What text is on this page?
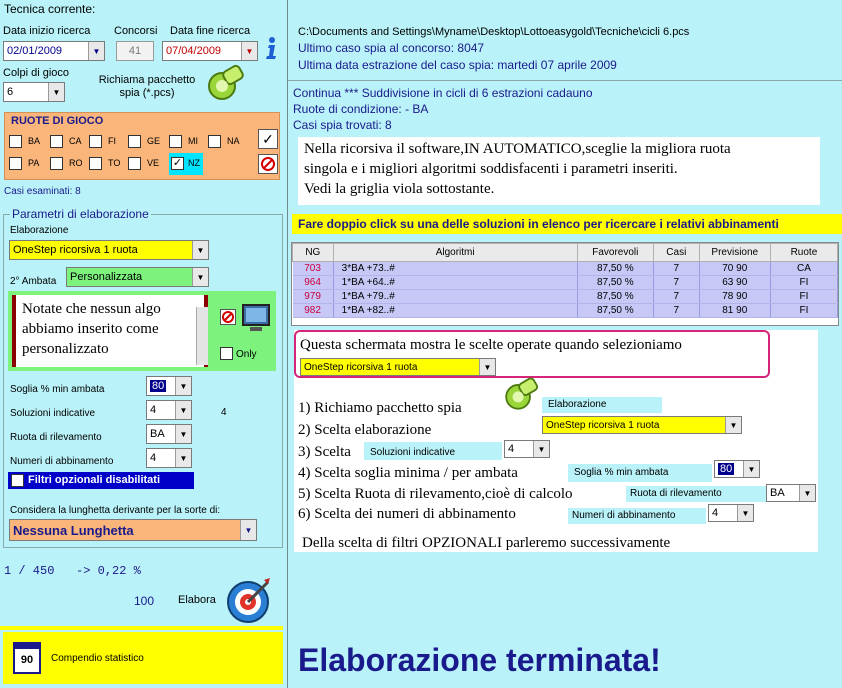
Tecnica corrente:
Data inizio ricerca
02/01/2009	▼
Concorsi
41
Data fine ricerca
07/04/2009	▼
Colpi di gioco
6	▼
Richiama pacchetto spia (*.pcs)
RUOTE DI GIOCO
BA	CA	FI	GE	MI	NA ✓
PA	RO	TO	VE ✓ NZ
Casi esaminati: 8
Parametri di elaborazione
Elaborazione
OneStep ricorsiva 1 ruota	▼
2° Ambata Personalizzata	▼
Notate che nessun algo abbiamo inserito come personalizzato	Only
Soglia % min ambata	80	▼
Soluzioni indicative	4	▼	4
Ruota di rilevamento	BA	▼
Numeri di abbinamento	4	▼
Filtri opzionali disabilitati
Considera la lunghetta derivante per la sorte di:
Nessuna Lunghetta	▼
1 / 450   -> 0,22 %
100 Elabora
90	Compendio statistico
C:\Documents and Settings\Myname\Desktop\Lottoeasygold\Tecniche\cicli 6.pcs
Ultimo caso spia al concorso: 8047
Ultima data estrazione del caso spia: martedi 07 aprile 2009
Continua *** Suddivisione in cicli di 6 estrazioni cadauno
Ruote di condizione: - BA
Casi spia trovati: 8
Nella ricorsiva il software,IN AUTOMATICO,sceglie la migliora ruota
singola e i migliori algoritmi soddisfacenti i parametri inseriti.
Vedi la griglia viola sottostante.
Fare doppio click su una delle soluzioni in elenco per ricercare i relativi abbinamenti
NG	Algoritmi	Favorevoli	Casi	Previsione	Ruote
703	3*BA +73..#	87,50 %	7	70 90	CA
964	1*BA +64..#	87,50 %	7	63 90	FI
979	1*BA +79..#	87,50 %	7	78 90	FI
982	1*BA +82..#	87,50 %	7	81 90	FI
Questa schermata mostra le scelte operate quando selezioniamo
OneStep ricorsiva 1 ruota	▼
1) Richiamo pacchetto spia	Elaborazione
2) Scelta elaborazione	OneStep ricorsiva 1 ruota	▼
3) Scelta	Soluzioni indicative	4	▼
4) Scelta soglia minima / per ambata	Soglia % min ambata	80	▼
5) Scelta Ruota di rilevamento,cioè di calcolo	Ruota di rilevamento	BA	▼
6) Scelta dei numeri di abbinamento	Numeri di abbinamento	4	▼
Della scelta di filtri OPZIONALI parleremo successivamente
Elaborazione terminata!
